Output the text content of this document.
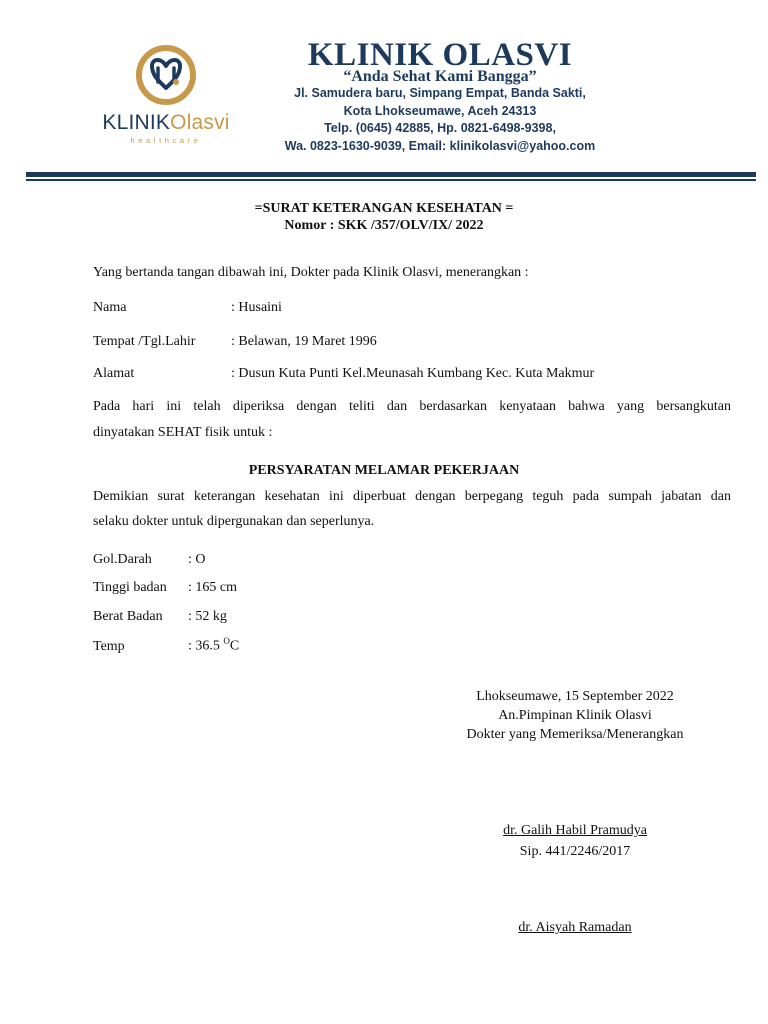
KLINIKOlasvi
healthcare
KLINIK OLASVI
“Anda Sehat Kami Bangga”
Jl. Samudera baru, Simpang Empat, Banda Sakti,
Kota Lhokseumawe, Aceh 24313
Telp. (0645) 42885, Hp. 0821-6498-9398,
Wa. 0823-1630-9039, Email: klinikolasvi@yahoo.com
=SURAT KETERANGAN KESEHATAN =
Nomor : SKK /357/OLV/IX/ 2022
Yang bertanda tangan dibawah ini, Dokter pada Klinik Olasvi, menerangkan :
Nama	: Husaini
Tempat /Tgl.Lahir	: Belawan, 19 Maret 1996
Alamat	: Dusun Kuta Punti Kel.Meunasah Kumbang Kec. Kuta Makmur
Pada hari ini telah diperiksa dengan teliti dan berdasarkan kenyataan bahwa yang bersangkutan
dinyatakan SEHAT fisik untuk :
PERSYARATAN MELAMAR PEKERJAAN
Demikian surat keterangan kesehatan ini diperbuat dengan berpegang teguh pada sumpah jabatan dan
selaku dokter untuk dipergunakan dan seperlunya.
Gol.Darah	: O
Tinggi badan : 165 cm
Berat Badan : 52 kg
Temp	: 36.5 $^O$C
Lhokseumawe, 15 September 2022
An.Pimpinan Klinik Olasvi
Dokter yang Memeriksa/Menerangkan
dr. Galih Habil Pramudya
Sip. 441/2246/2017
dr. Aisyah Ramadan
